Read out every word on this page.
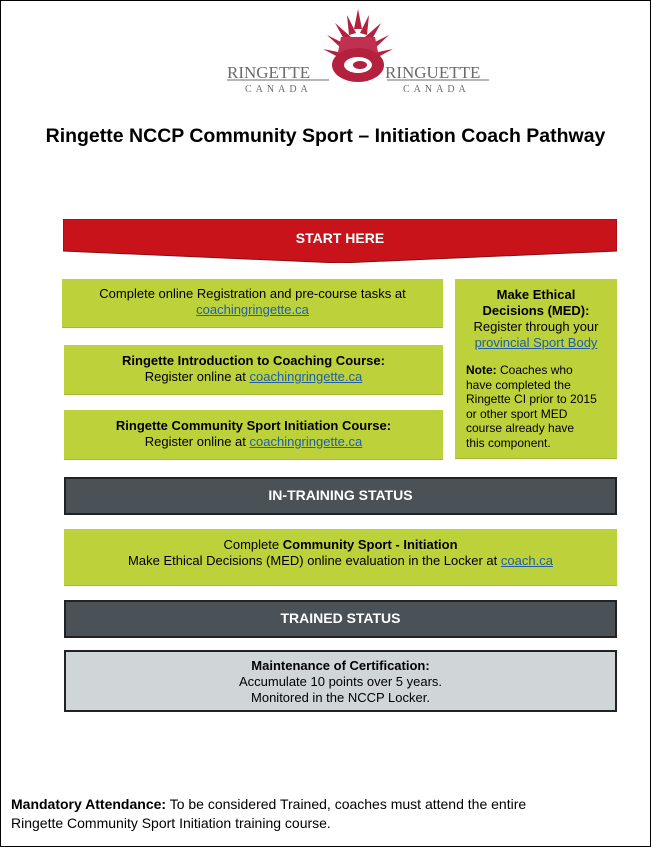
RINGETTE
CANADA
RINGUETTE
CANADA
Ringette NCCP Community Sport – Initiation Coach Pathway
START HERE
Complete online Registration and pre-course tasks at
coachingringette.ca
Ringette Introduction to Coaching Course:
Register online at coachingringette.ca
Ringette Community Sport Initiation Course:
Register online at coachingringette.ca
Make Ethical
Decisions (MED):
Register through your
provincial Sport Body
Note: Coaches who
have completed the
Ringette CI prior to 2015
or other sport MED
course already have
this component.
IN-TRAINING STATUS
Complete Community Sport - Initiation
Make Ethical Decisions (MED) online evaluation in the Locker at coach.ca
TRAINED STATUS
Maintenance of Certification:
Accumulate 10 points over 5 years.
Monitored in the NCCP Locker.
Mandatory Attendance: To be considered Trained, coaches must attend the entire
Ringette Community Sport Initiation training course.
